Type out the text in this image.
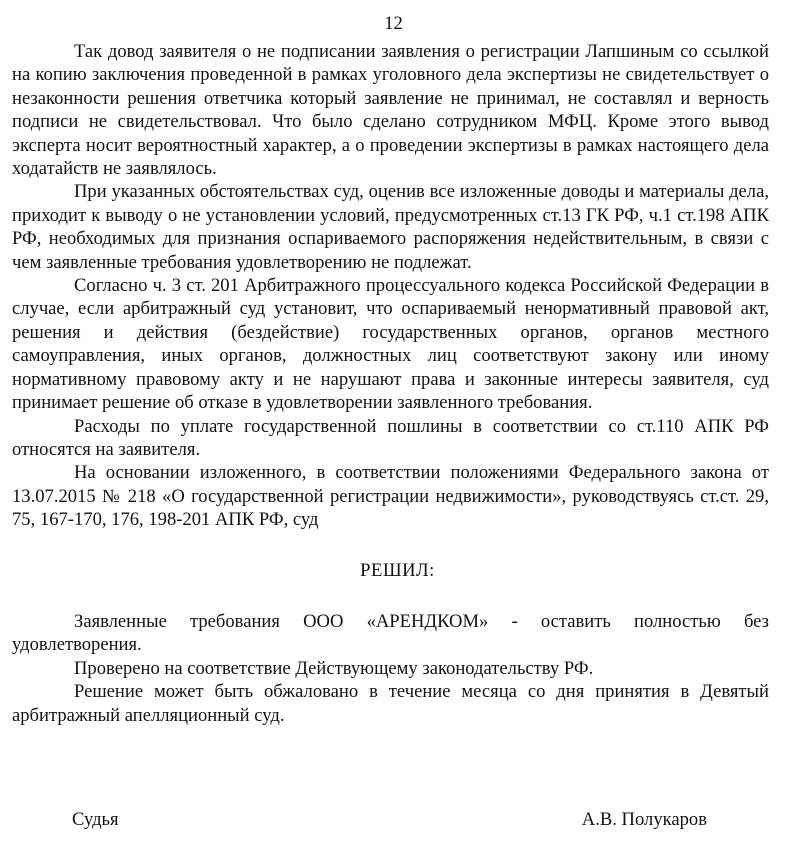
12

Так довод заявителя о не подписании заявления о регистрации Лапшиным со ссылкой на копию заключения проведенной в рамках уголовного дела экспертизы не свидетельствует о незаконности решения ответчика который заявление не принимал, не составлял и верность подписи не свидетельствовал. Что было сделано сотрудником МФЦ. Кроме этого вывод эксперта носит вероятностный характер, а о проведении экспертизы в рамках настоящего дела ходатайств не заявлялось.

При указанных обстоятельствах суд, оценив все изложенные доводы и материалы дела, приходит к выводу о не установлении условий, предусмотренных ст.13 ГК РФ, ч.1 ст.198 АПК РФ, необходимых для признания оспариваемого распоряжения недействительным, в связи с чем заявленные требования удовлетворению не подлежат.

Согласно ч. 3 ст. 201 Арбитражного процессуального кодекса Российской Федерации в случае, если арбитражный суд установит, что оспариваемый ненормативный правовой акт, решения и действия (бездействие) государственных органов, органов местного самоуправления, иных органов, должностных лиц соответствуют закону или иному нормативному правовому акту и не нарушают права и законные интересы заявителя, суд принимает решение об отказе в удовлетворении заявленного требования.

Расходы по уплате государственной пошлины в соответствии со ст.110 АПК РФ относятся на заявителя.

На основании изложенного, в соответствии положениями Федерального закона от 13.07.2015 № 218 «О государственной регистрации недвижимости», руководствуясь ст.ст. 29, 75, 167-170, 176, 198-201 АПК РФ, суд

РЕШИЛ:

Заявленные требования ООО «АРЕНДКОМ» - оставить полностью без удовлетворения.

Проверено на соответствие Действующему законодательству РФ.

Решение может быть обжаловано в течение месяца со дня принятия в Девятый арбитражный апелляционный суд.

Судья	А.В. Полукаров
